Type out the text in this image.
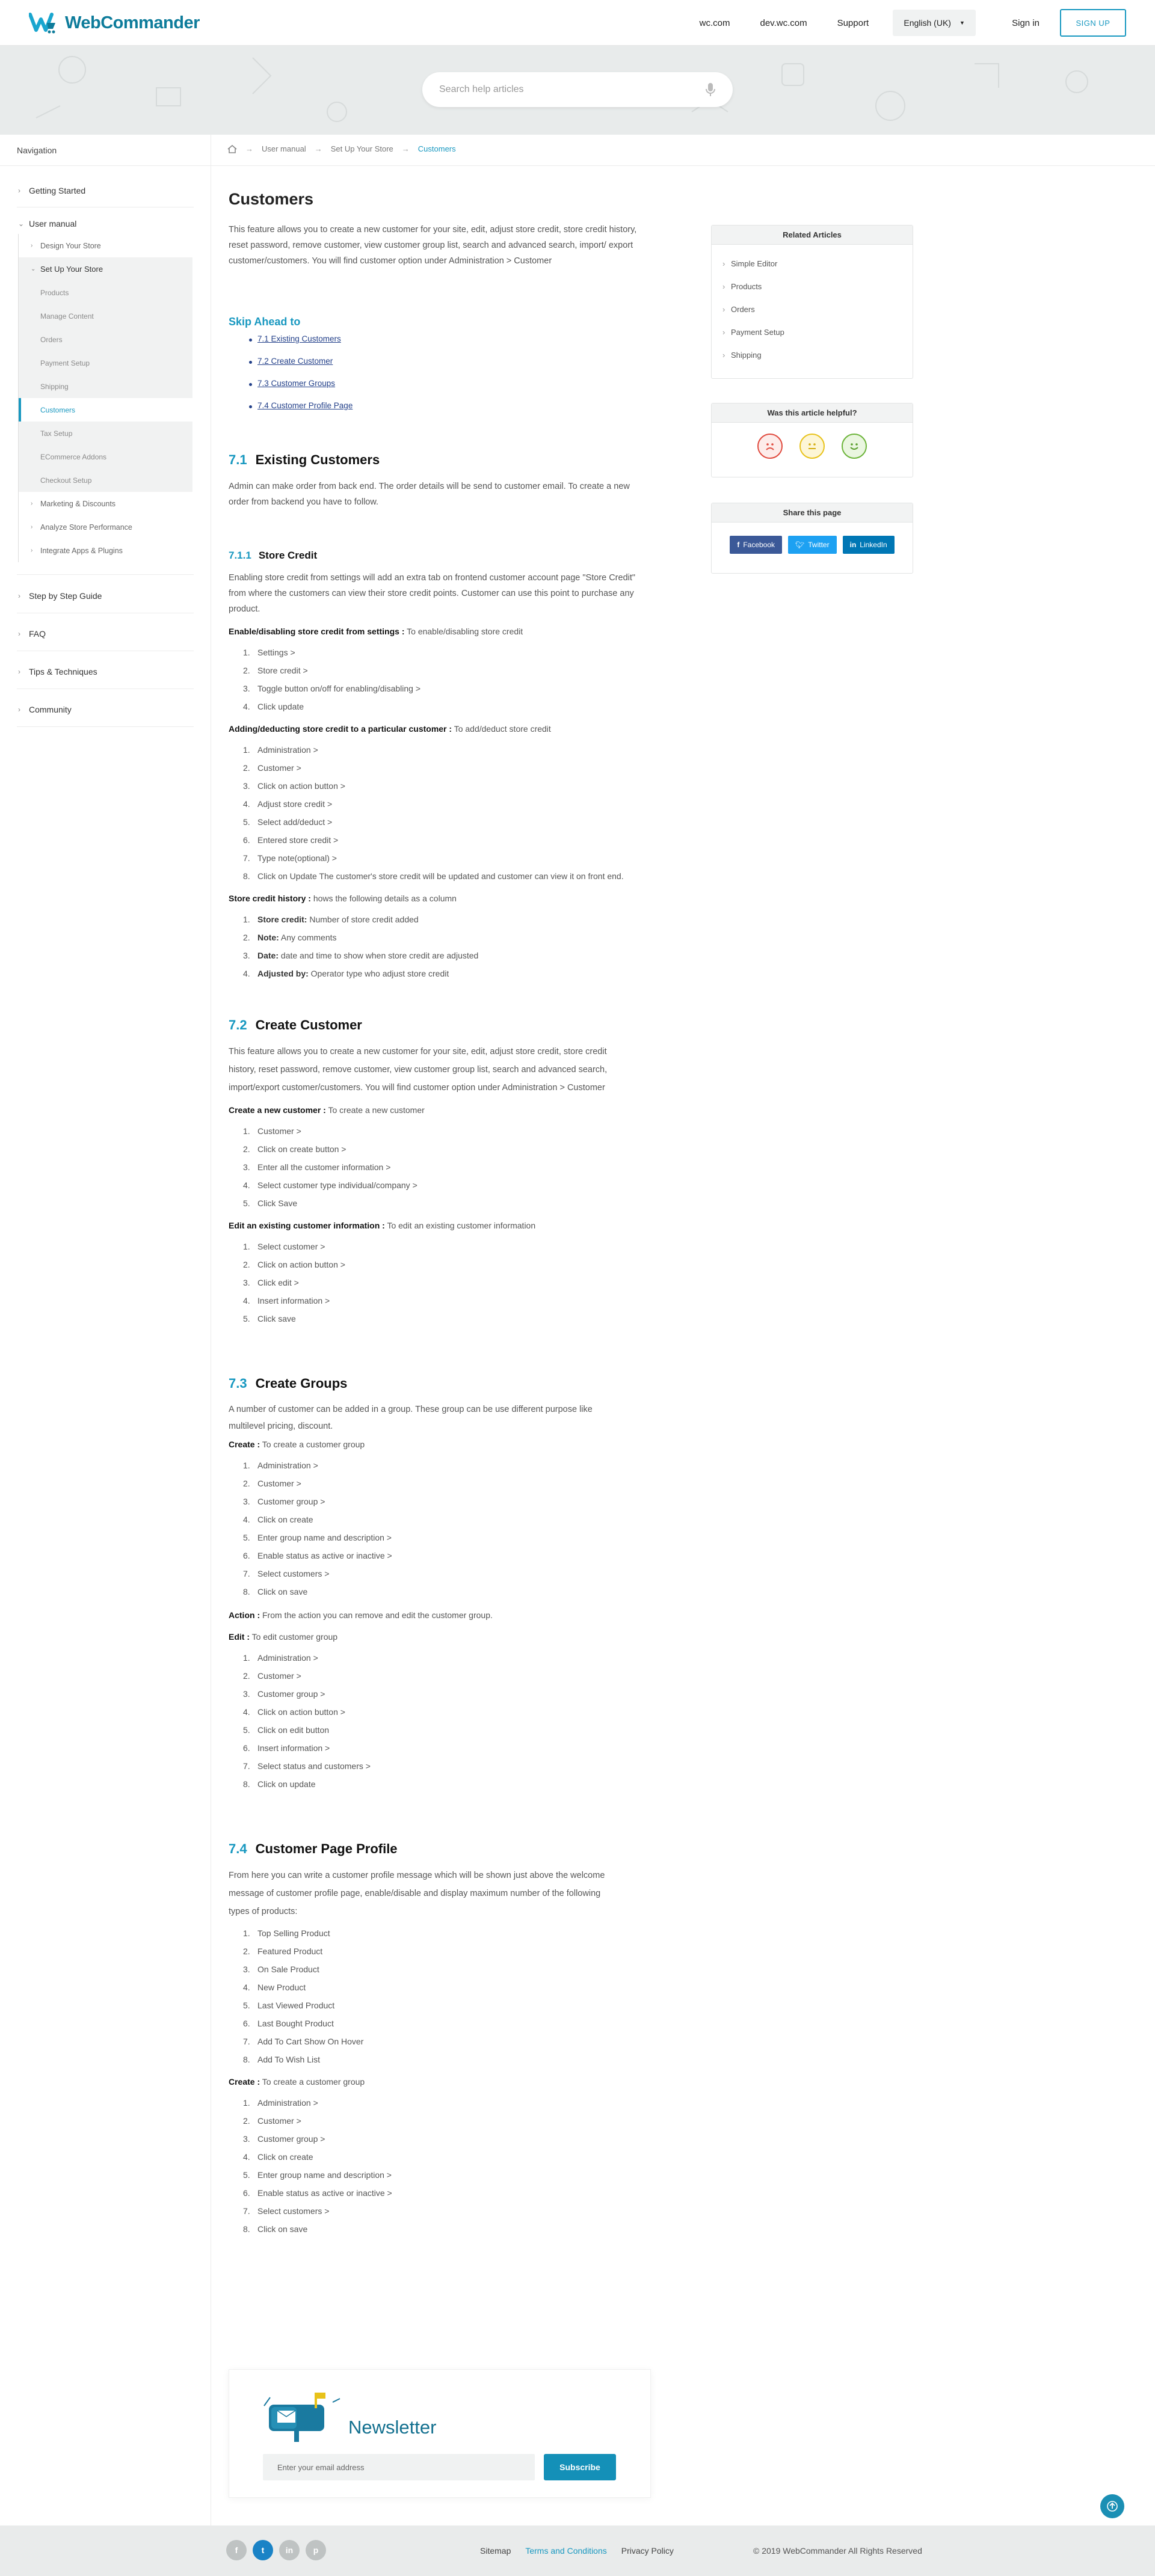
WebCommander	wc.com	dev.wc.com	Support	English (UK) ▼	Sign in	SIGN UP
Search help articles
Navigation	→ User manual → Set Up Your Store → Customers
› Getting Started
⌄ User manual
› Design Your Store
⌄ Set Up Your Store
Products
Manage Content
Orders
Payment Setup
Shipping
Customers
Tax Setup
ECommerce Addons
Checkout Setup
› Marketing & Discounts
› Analyze Store Performance
› Integrate Apps & Plugins
› Step by Step Guide
› FAQ
› Tips & Techniques
› Community
Customers

This feature allows you to create a new customer for your site, edit, adjust store credit, store credit history, reset password, remove customer, view customer group list, search and advanced search, import/ export customer/customers. You will find customer option under Administration > Customer

Skip Ahead to
7.1 Existing Customers
7.2 Create Customer
7.3 Customer Groups
7.4 Customer Profile Page
7.1 Existing Customers

Admin can make order from back end. The order details will be send to customer email. To create a new order from backend you have to follow.

7.1.1 Store Credit

Enabling store credit from settings will add an extra tab on frontend customer account page "Store Credit" from where the customers can view their store credit points. Customer can use this point to purchase any product.

Enable/disabling store credit from settings : To enable/disabling store credit
Settings >
Store credit >
Toggle button on/off for enabling/disabling >
Click update
Adding/deducting store credit to a particular customer : To add/deduct store credit
Administration >
Customer >
Click on action button >
Adjust store credit >
Select add/deduct >
Entered store credit >
Type note(optional) >
Click on Update The customer's store credit will be updated and customer can view it on front end.
Store credit history : hows the following details as a column
Store credit: Number of store credit added
Note: Any comments
Date: date and time to show when store credit are adjusted
Adjusted by: Operator type who adjust store credit
7.2 Create Customer

This feature allows you to create a new customer for your site, edit, adjust store credit, store credit history, reset password, remove customer, view customer group list, search and advanced search, import/export customer/customers. You will find customer option under Administration > Customer

Create a new customer : To create a new customer
Customer >
Click on create button >
Enter all the customer information >
Select customer type individual/company >
Click Save
Edit an existing customer information : To edit an existing customer information
Select customer >
Click on action button >
Click edit >
Insert information >
Click save
7.3 Create Groups

A number of customer can be added in a group. These group can be use different purpose like multilevel pricing, discount.

Create : To create a customer group
Administration >
Customer >
Customer group >
Click on create
Enter group name and description >
Enable status as active or inactive >
Select customers >
Click on save
Action : From the action you can remove and edit the customer group.
Edit : To edit customer group
Administration >
Customer >
Customer group >
Click on action button >
Click on edit button
Insert information >
Select status and customers >
Click on update
7.4 Customer Page Profile

From here you can write a customer profile message which will be shown just above the welcome message of customer profile page, enable/disable and display maximum number of the following types of products:

Top Selling Product
Featured Product
On Sale Product
New Product
Last Viewed Product
Last Bought Product
Add To Cart Show On Hover
Add To Wish List
Create : To create a customer group
Administration >
Customer >
Customer group >
Click on create
Enter group name and description >
Enable status as active or inactive >
Select customers >
Click on save
Related Articles
› Simple Editor
› Products
› Orders
› Payment Setup
› Shipping
Was this article helpful?
Share this page
f Facebook	🐦︎ Twitter	in LinkedIn
Newsletter
Enter your email address	Subscribe
f	t	in	p	Sitemap Terms and Conditions Privacy Policy	© 2019 WebCommander All Rights Reserved
